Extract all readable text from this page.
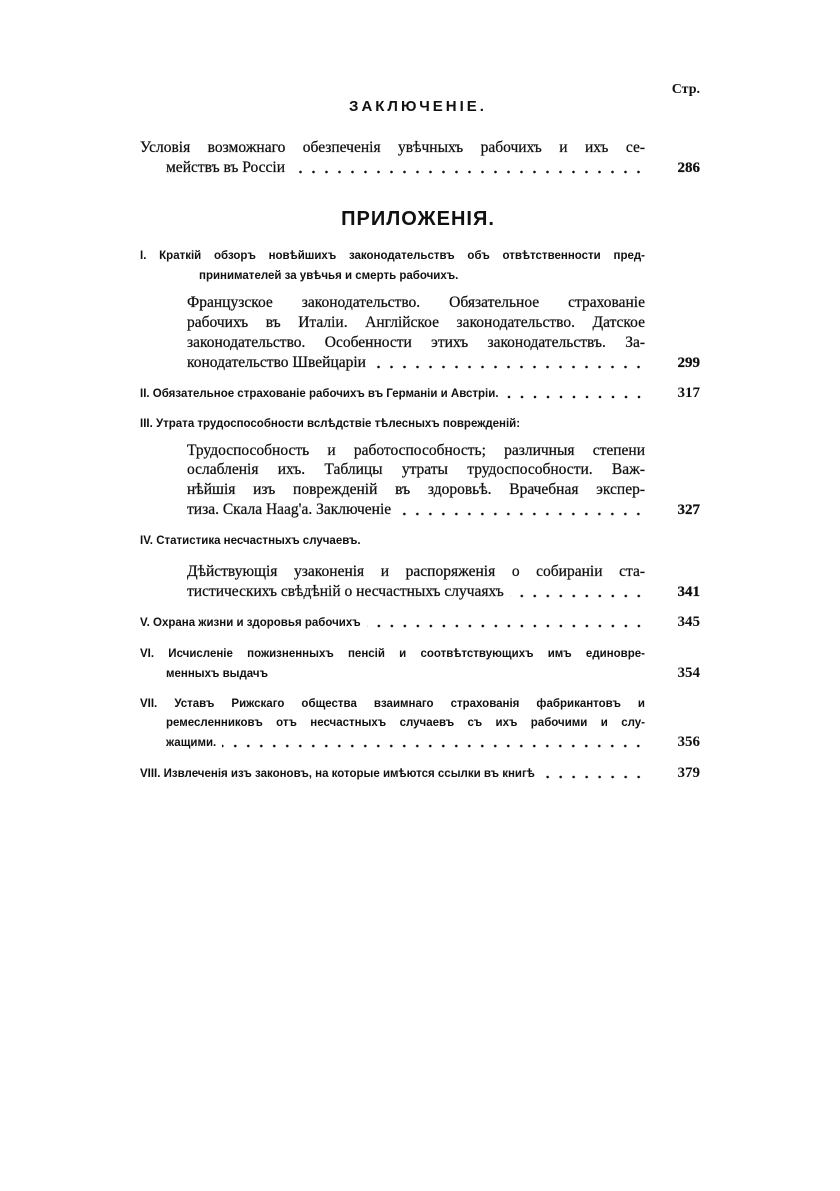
Стр.
ЗАКЛЮЧЕНІЕ.
Условія возможнаго обезпеченія увѣчныхъ рабочихъ и ихъ се-
мействъ въ Россіи	286
ПРИЛОЖЕНІЯ.
I. Краткій обзоръ новѣйшихъ законодательствъ объ отвѣтственности пред-
принимателей за увѣчья и смерть рабочихъ.
Французское законодательство. Обязательное страхованіе
рабочихъ въ Италіи. Англійское законодательство. Датское
законодательство. Особенности этихъ законодательствъ. За-
конодательство Швейцаріи	299
II. Обязательное страхованіе рабочихъ въ Германіи и Австріи.	317
III. Утрата трудоспособности вслѣдствіе тѣлесныхъ поврежденій:
Трудоспособность и работоспособность; различныя степени
ослабленія ихъ. Таблицы утраты трудоспособности. Важ-
нѣйшія изъ поврежденій въ здоровьѣ. Врачебная экспер-
тиза. Скала Haag'a. Заключеніе	327
IV. Статистика несчастныхъ случаевъ.
Дѣйствующія узаконенія и распоряженія о собираніи ста-
тистическихъ свѣдѣній о несчастныхъ случаяхъ	341
V. Охрана жизни и здоровья рабочихъ	345
VI. Исчисленіе пожизненныхъ пенсій и соотвѣтствующихъ имъ единовре-
менныхъ выдачъ	354
VII. Уставъ Рижскаго общества взаимнаго страхованія фабрикантовъ и
ремесленниковъ отъ несчастныхъ случаевъ съ ихъ рабочими и слу-
жащими.	356
VIII. Извлеченія изъ законовъ, на которые имѣются ссылки въ книгѣ	379
